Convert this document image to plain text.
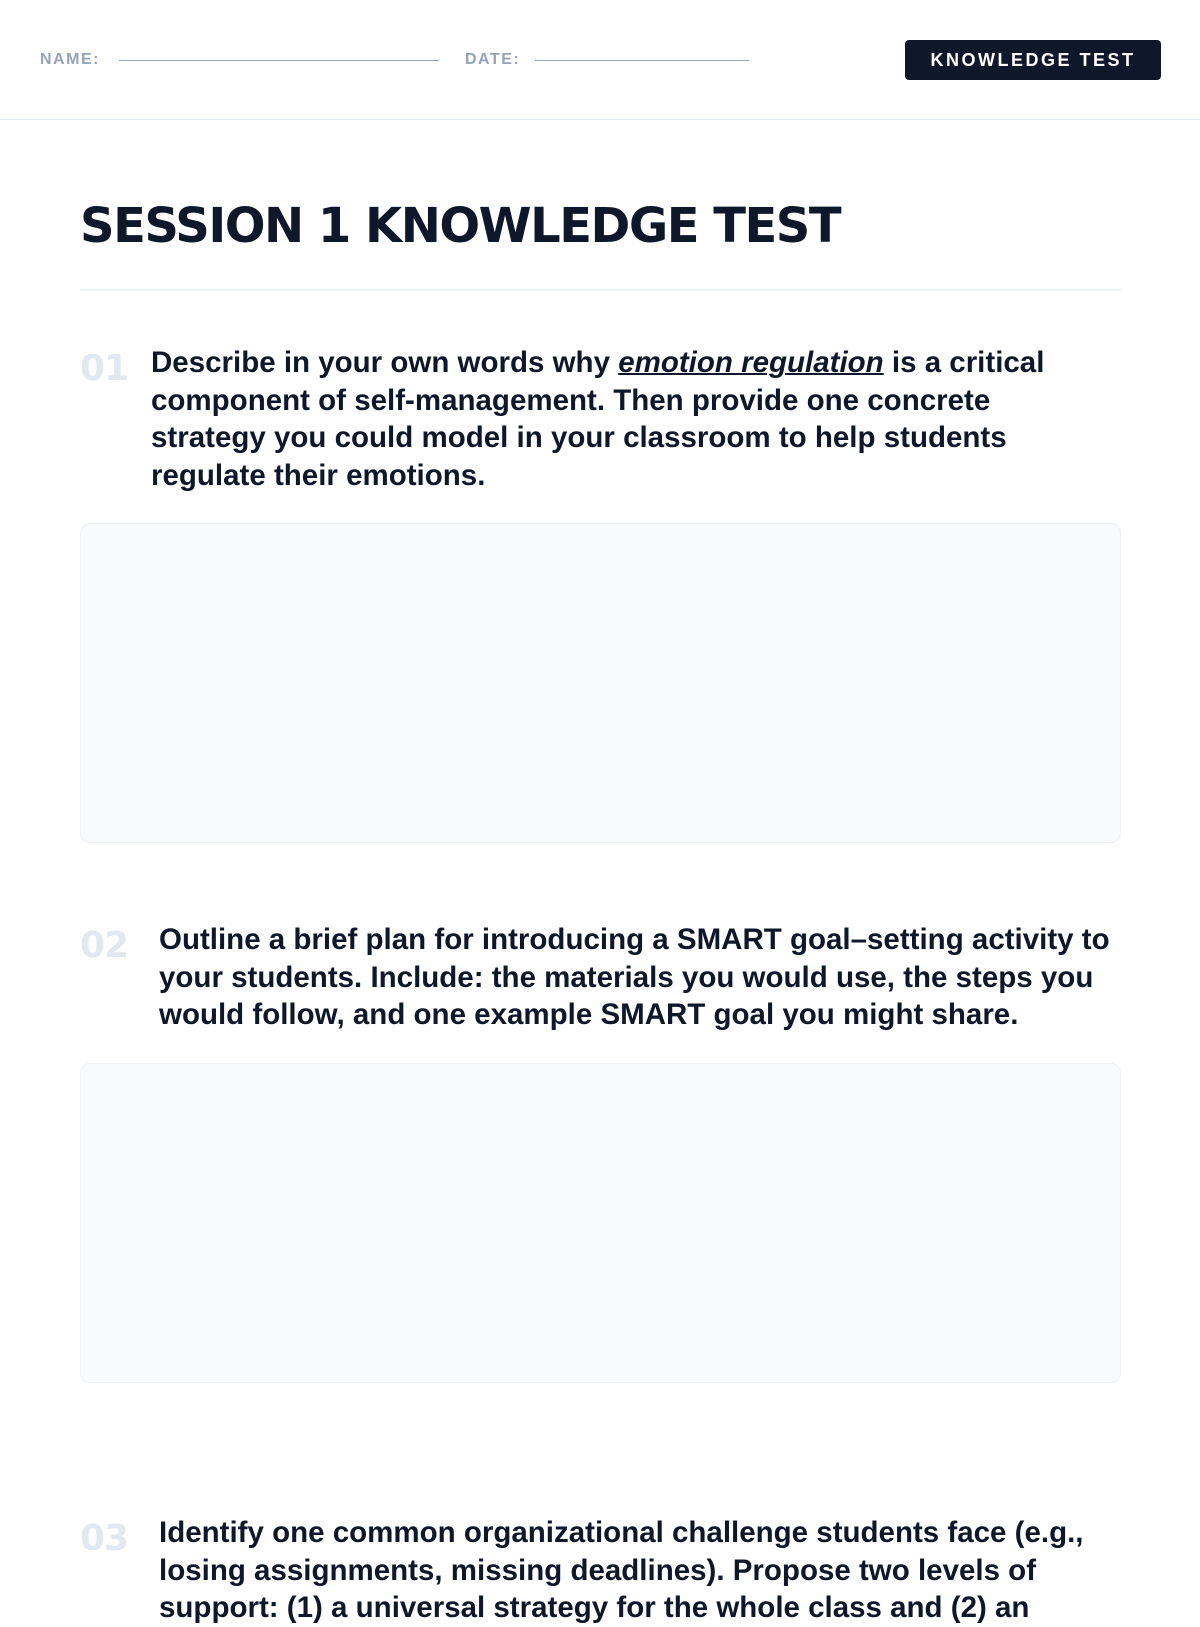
NAME:	DATE:	KNOWLEDGE TEST
SESSION 1 KNOWLEDGE TEST
01 Describe in your own words why emotion regulation is a critical component of self-management. Then provide one concrete strategy you could model in your classroom to help students regulate their emotions.
02 Outline a brief plan for introducing a SMART goal–setting activity to your students. Include: the materials you would use, the steps you would follow, and one example SMART goal you might share.
03 Identify one common organizational challenge students face (e.g., losing assignments, missing deadlines). Propose two levels of support: (1) a universal strategy for the whole class and (2) an
